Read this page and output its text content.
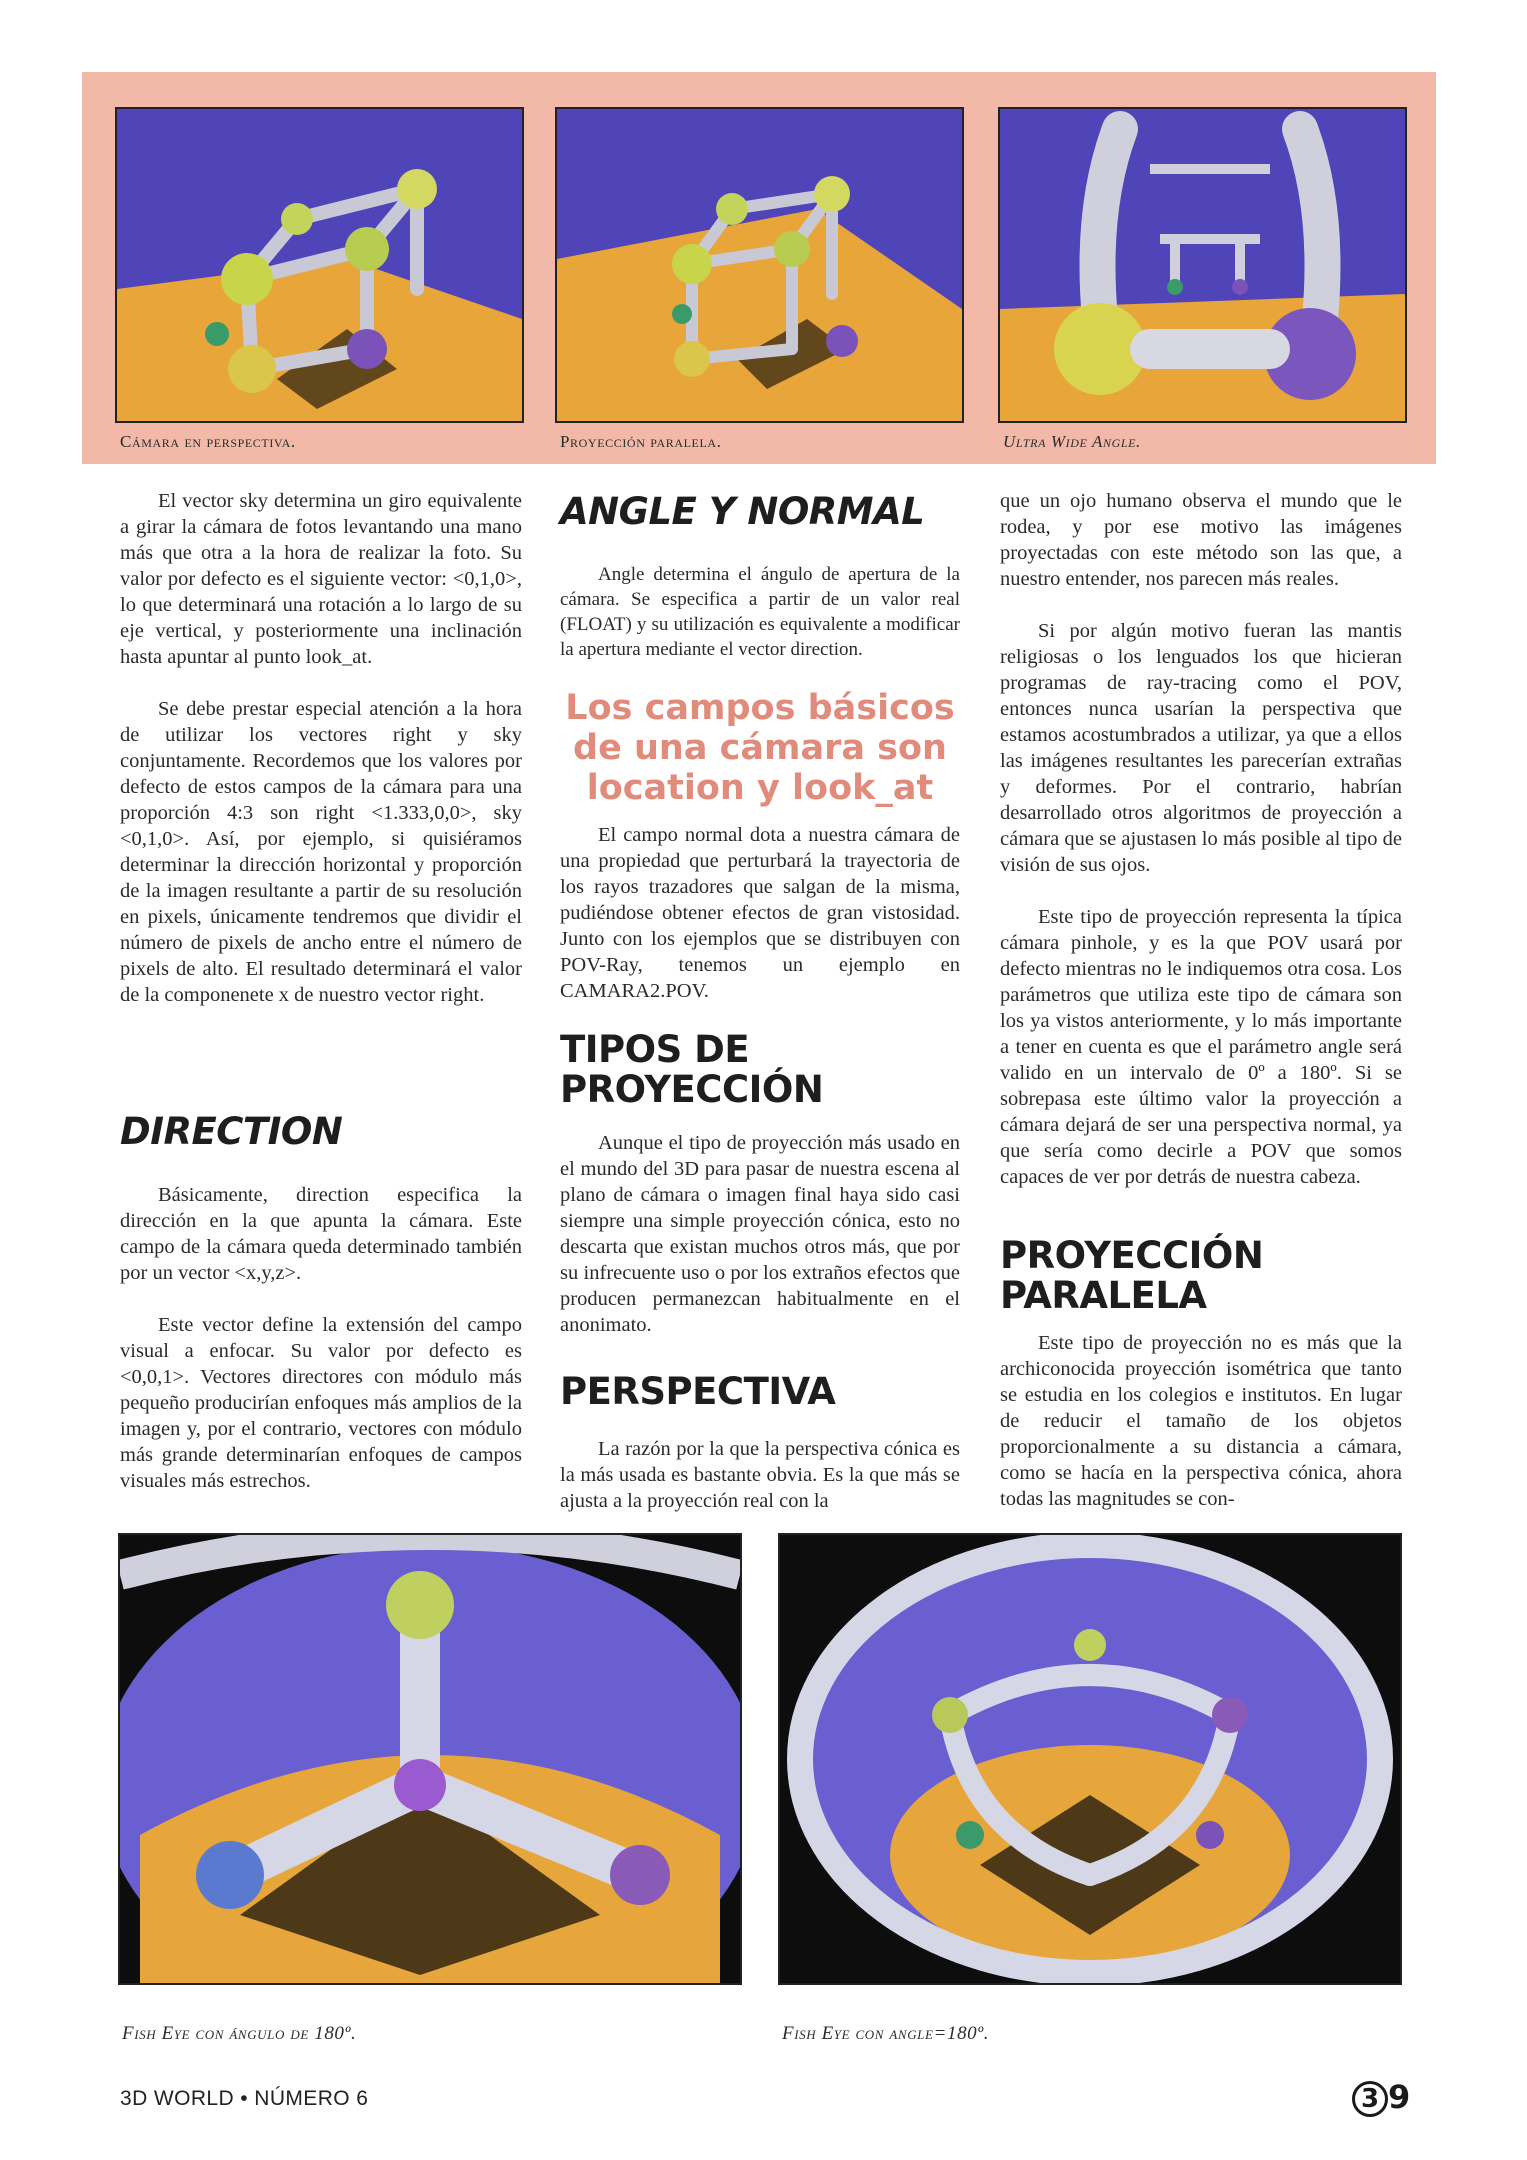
Cámara en perspectiva.	Proyección paralela.	Ultra Wide Angle.

El vector sky determina un giro equivalente a girar la cámara de fotos levantando una mano más que otra a la hora de realizar la foto. Su valor por defecto es el siguiente vector: <0,1,0>, lo que determinará una rotación a lo largo de su eje vertical, y posteriormente una inclinación hasta apuntar al punto look_at.

Se debe prestar especial atención a la hora de utilizar los vectores right y sky conjuntamente. Recordemos que los valores por defecto de estos campos de la cámara para una proporción 4:3 son right <1.333,0,0>, sky <0,1,0>. Así, por ejemplo, si quisiéramos determinar la dirección horizontal y proporción de la imagen resultante a partir de su resolución en pixels, únicamente tendremos que dividir el número de pixels de ancho entre el número de pixels de alto. El resultado determinará el valor de la componenete x de nuestro vector right.

DIRECTION

Básicamente, direction especifica la dirección en la que apunta la cámara. Este campo de la cámara queda determinado también por un vector <x,y,z>.

Este vector define la extensión del campo visual a enfocar. Su valor por defecto es <0,0,1>. Vectores directores con módulo más pequeño producirían enfoques más amplios de la imagen y, por el contrario, vectores con módulo más grande determinarían enfoques de campos visuales más estrechos.

ANGLE Y NORMAL

Angle determina el ángulo de apertura de la cámara. Se especifica a partir de un valor real (FLOAT) y su utilización es equivalente a modificar la apertura mediante el vector direction.

Los campos básicos de una cámara son location y look_at

El campo normal dota a nuestra cámara de una propiedad que perturbará la trayectoria de los rayos trazadores que salgan de la misma, pudiéndose obtener efectos de gran vistosidad. Junto con los ejemplos que se distribuyen con POV-Ray, tenemos un ejemplo en CAMARA2.POV.

TIPOS DE PROYECCIÓN

Aunque el tipo de proyección más usado en el mundo del 3D para pasar de nuestra escena al plano de cámara o imagen final haya sido casi siempre una simple proyección cónica, esto no descarta que existan muchos otros más, que por su infrecuente uso o por los extraños efectos que producen permanezcan habitualmente en el anonimato.

PERSPECTIVA

La razón por la que la perspectiva cónica es la más usada es bastante obvia. Es la que más se ajusta a la proyección real con la

que un ojo humano observa el mundo que le rodea, y por ese motivo las imágenes proyectadas con este método son las que, a nuestro entender, nos parecen más reales.

Si por algún motivo fueran las mantis religiosas o los lenguados los que hicieran programas de ray-tracing como el POV, entonces nunca usarían la perspectiva que estamos acostumbrados a utilizar, ya que a ellos las imágenes resultantes les parecerían extrañas y deformes. Por el contrario, habrían desarrollado otros algoritmos de proyección a cámara que se ajustasen lo más posible al tipo de visión de sus ojos.

Este tipo de proyección representa la típica cámara pinhole, y es la que POV usará por defecto mientras no le indiquemos otra cosa. Los parámetros que utiliza este tipo de cámara son los ya vistos anteriormente, y lo más importante a tener en cuenta es que el parámetro angle será valido en un intervalo de 0º a 180º. Si se sobrepasa este último valor la proyección a cámara dejará de ser una perspectiva normal, ya que sería como decirle a POV que somos capaces de ver por detrás de nuestra cabeza.

PROYECCIÓN PARALELA

Este tipo de proyección no es más que la archiconocida proyección isométrica que tanto se estudia en los colegios e institutos. En lugar de reducir el tamaño de los objetos proporcionalmente a su distancia a cámara, como se hacía en la perspectiva cónica, ahora todas las magnitudes se con-

Fish Eye con ángulo de 180º.	Fish Eye con angle=180º.
3D WORLD • NÚMERO 6	3 9
